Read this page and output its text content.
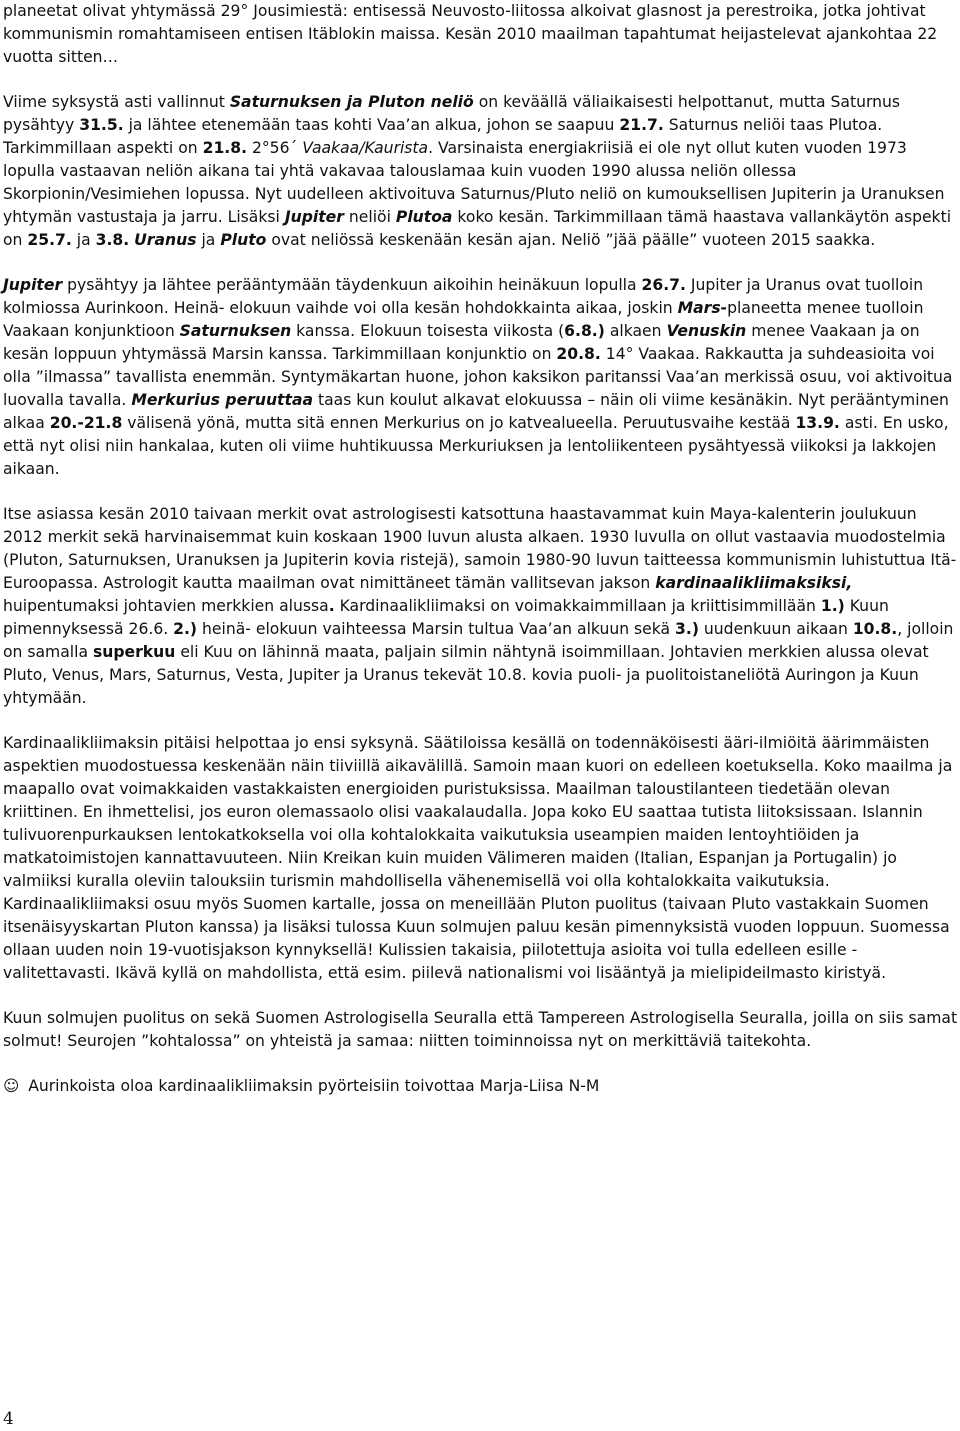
planeetat olivat yhtymässä 29° Jousimiestä: entisessä Neuvosto-liitossa alkoivat glasnost ja perestroika, jotka johtivat kommunismin romahtamiseen entisen Itäblokin maissa. Kesän 2010 maailman tapahtumat heijastelevat ajankohtaa 22 vuotta sitten…

Viime syksystä asti vallinnut Saturnuksen ja Pluton neliö on keväällä väliaikaisesti helpottanut, mutta Saturnus pysähtyy 31.5. ja lähtee etenemään taas kohti Vaa’an alkua, johon se saapuu 21.7. Saturnus neliöi taas Plutoa. Tarkimmillaan aspekti on 21.8. 2°56´ Vaakaa/Kaurista. Varsinaista energiakriisiä ei ole nyt ollut kuten vuoden 1973 lopulla vastaavan neliön aikana tai yhtä vakavaa talouslamaa kuin vuoden 1990 alussa neliön ollessa Skorpionin/Vesimiehen lopussa. Nyt uudelleen aktivoituva Saturnus/Pluto neliö on kumouksellisen Jupiterin ja Uranuksen yhtymän vastustaja ja jarru. Lisäksi Jupiter neliöi Plutoa koko kesän. Tarkimmillaan tämä haastava vallankäytön aspekti on 25.7. ja 3.8. Uranus ja Pluto ovat neliössä keskenään kesän ajan. Neliö ”jää päälle” vuoteen 2015 saakka.

Jupiter pysähtyy ja lähtee perääntymään täydenkuun aikoihin heinäkuun lopulla 26.7. Jupiter ja Uranus ovat tuolloin kolmiossa Aurinkoon. Heinä- elokuun vaihde voi olla kesän hohdokkainta aikaa, joskin Mars-planeetta menee tuolloin Vaakaan konjunktioon Saturnuksen kanssa. Elokuun toisesta viikosta (6.8.) alkaen Venuskin menee Vaakaan ja on kesän loppuun yhtymässä Marsin kanssa. Tarkimmillaan konjunktio on 20.8. 14° Vaakaa. Rakkautta ja suhdeasioita voi olla ”ilmassa” tavallista enemmän. Syntymäkartan huone, johon kaksikon paritanssi Vaa’an merkissä osuu, voi aktivoitua luovalla tavalla. Merkurius peruuttaa taas kun koulut alkavat elokuussa – näin oli viime kesänäkin. Nyt perääntyminen alkaa 20.-21.8 välisenä yönä, mutta sitä ennen Merkurius on jo katvealueella. Peruutusvaihe kestää 13.9. asti. En usko, että nyt olisi niin hankalaa, kuten oli viime huhtikuussa Merkuriuksen ja lentoliikenteen pysähtyessä viikoksi ja lakkojen aikaan.

Itse asiassa kesän 2010 taivaan merkit ovat astrologisesti katsottuna haastavammat kuin Maya-kalenterin joulukuun 2012 merkit sekä harvinaisemmat kuin koskaan 1900 luvun alusta alkaen. 1930 luvulla on ollut vastaavia muodostelmia (Pluton, Saturnuksen, Uranuksen ja Jupiterin kovia ristejä), samoin 1980-90 luvun taitteessa kommunismin luhistuttua Itä-Euroopassa. Astrologit kautta maailman ovat nimittäneet tämän vallitsevan jakson kardinaalikliimaksiksi, huipentumaksi johtavien merkkien alussa. Kardinaalikliimaksi on voimakkaimmillaan ja kriittisimmillään 1.) Kuun pimennyksessä 26.6. 2.) heinä- elokuun vaihteessa Marsin tultua Vaa’an alkuun sekä 3.) uudenkuun aikaan 10.8., jolloin on samalla superkuu eli Kuu on lähinnä maata, paljain silmin nähtynä isoimmillaan. Johtavien merkkien alussa olevat Pluto, Venus, Mars, Saturnus, Vesta, Jupiter ja Uranus tekevät 10.8. kovia puoli- ja puolitoistaneliötä Auringon ja Kuun yhtymään.

Kardinaalikliimaksin pitäisi helpottaa jo ensi syksynä. Säätiloissa kesällä on todennäköisesti ääri-ilmiöitä äärimmäisten aspektien muodostuessa keskenään näin tiiviillä aikavälillä. Samoin maan kuori on edelleen koetuksella. Koko maailma ja maapallo ovat voimakkaiden vastakkaisten energioiden puristuksissa. Maailman taloustilanteen tiedetään olevan kriittinen. En ihmettelisi, jos euron olemassaolo olisi vaakalaudalla. Jopa koko EU saattaa tutista liitoksissaan. Islannin tulivuorenpurkauksen lentokatkoksella voi olla kohtalokkaita vaikutuksia useampien maiden lentoyhtiöiden ja matkatoimistojen kannattavuuteen. Niin Kreikan kuin muiden Välimeren maiden (Italian, Espanjan ja Portugalin) jo valmiiksi kuralla oleviin talouksiin turismin mahdollisella vähenemisellä voi olla kohtalokkaita vaikutuksia. Kardinaalikliimaksi osuu myös Suomen kartalle, jossa on meneillään Pluton puolitus (taivaan Pluto vastakkain Suomen itsenäisyyskartan Pluton kanssa) ja lisäksi tulossa Kuun solmujen paluu kesän pimennyksistä vuoden loppuun. Suomessa ollaan uuden noin 19-vuotisjakson kynnyksellä! Kulissien takaisia, piilotettuja asioita voi tulla edelleen esille - valitettavasti. Ikävä kyllä on mahdollista, että esim. piilevä nationalismi voi lisääntyä ja mielipideilmasto kiristyä.

Kuun solmujen puolitus on sekä Suomen Astrologisella Seuralla että Tampereen Astrologisella Seuralla, joilla on siis samat solmut! Seurojen ”kohtalossa” on yhteistä ja samaa: niitten toiminnoissa nyt on merkittäviä taitekohta.

☺ Aurinkoista oloa kardinaalikliimaksin pyörteisiin toivottaa Marja-Liisa N-M

4
